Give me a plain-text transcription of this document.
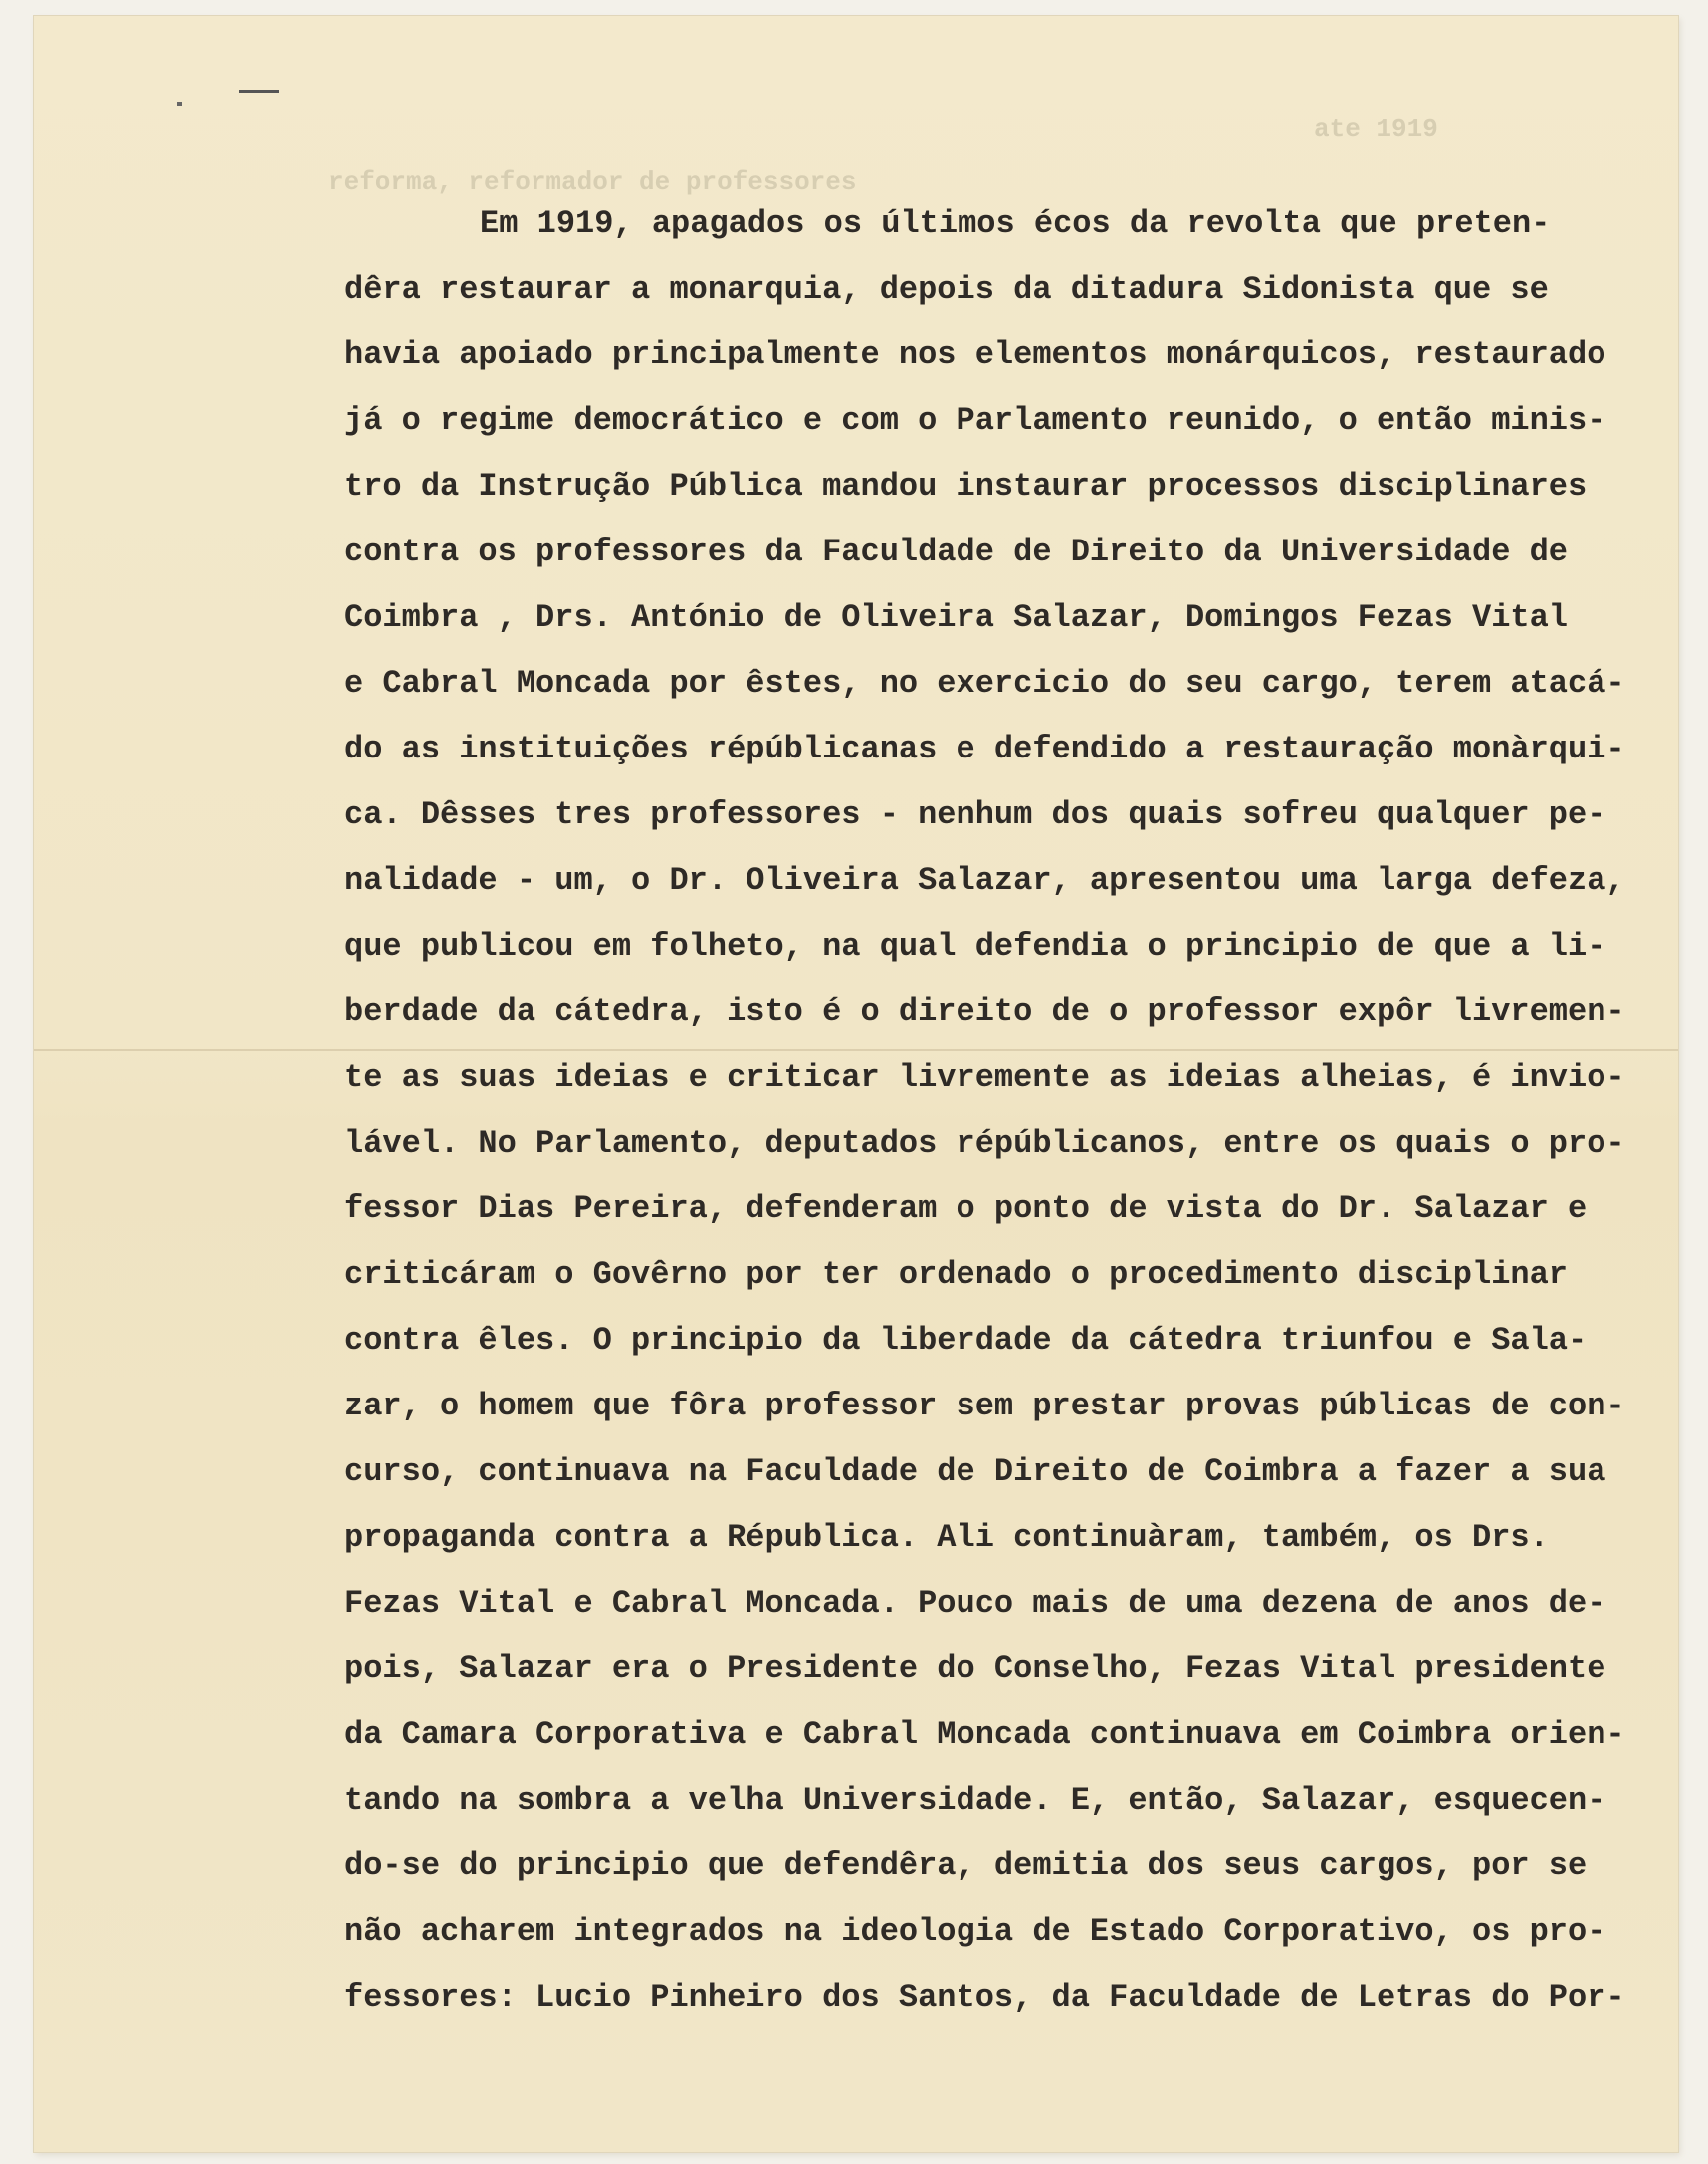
ate 1919
reforma, reformador de professores
Em 1919, apagados os últimos écos da revolta que preten-
dêra restaurar a monarquia, depois da ditadura Sidonista que se
havia apoiado principalmente nos elementos monárquicos, restaurado
já o regime democrático e com o Parlamento reunido, o então minis-
tro da Instrução Pública mandou instaurar processos disciplinares
contra os professores da Faculdade de Direito da Universidade de
Coimbra , Drs. António de Oliveira Salazar, Domingos Fezas Vital
e Cabral Moncada por êstes, no exercicio do seu cargo, terem atacá-
do as instituições répúblicanas e defendido a restauração monàrqui-
ca. Dêsses tres professores - nenhum dos quais sofreu qualquer pe-
nalidade - um, o Dr. Oliveira Salazar, apresentou uma larga defeza,
que publicou em folheto, na qual defendia o principio de que a li-
berdade da cátedra, isto é o direito de o professor expôr livremen-
te as suas ideias e criticar livremente as ideias alheias, é invio-
lável. No Parlamento, deputados répúblicanos, entre os quais o pro-
fessor Dias Pereira, defenderam o ponto de vista do Dr. Salazar e
criticáram o Govêrno por ter ordenado o procedimento disciplinar
contra êles. O principio da liberdade da cátedra triunfou e Sala-
zar, o homem que fôra professor sem prestar provas públicas de con-
curso, continuava na Faculdade de Direito de Coimbra a fazer a sua
propaganda contra a Républica. Ali continuàram, também, os Drs.
Fezas Vital e Cabral Moncada. Pouco mais de uma dezena de anos de-
pois, Salazar era o Presidente do Conselho, Fezas Vital presidente
da Camara Corporativa e Cabral Moncada continuava em Coimbra orien-
tando na sombra a velha Universidade. E, então, Salazar, esquecen-
do-se do principio que defendêra, demitia dos seus cargos, por se
não acharem integrados na ideologia de Estado Corporativo, os pro-
fessores: Lucio Pinheiro dos Santos, da Faculdade de Letras do Por-
